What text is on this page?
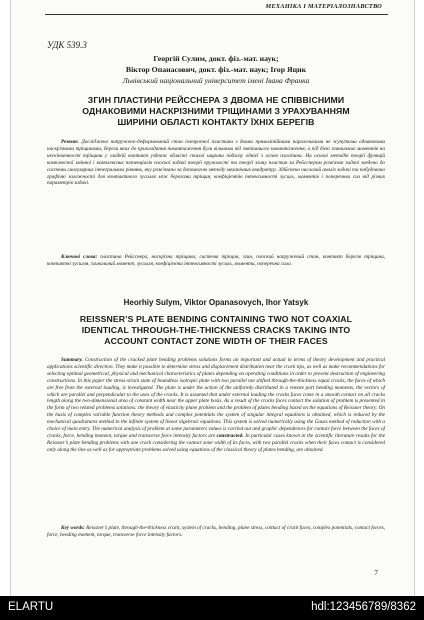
МЕХАНІКА І МАТЕРІАЛОЗНАВСТВО
УДК 539.3
Георгій Сулим, докт. фіз.-мат. наук;
Віктор Опанасович, докт. фіз.-мат. наук; Ігор Яцик
Львівський національний університет імені Івана Франка
ЗГИН ПЛАСТИНИ РЕЙССНЕРА З ДВОМА НЕ СПІВВІСНИМИ
ОДНАКОВИМИ НАСКРІЗНИМИ ТРІЩИНАМИ З УРАХУВАННЯМ
ШИРИНИ ОБЛАСТІ КОНТАКТУ ЇХНІХ БЕРЕГІВ
Резюме. Досліджено напружено-деформований стан ізотропної пластини з двома прямолінійними паралельними не зсунутими однаковими наскрізними тріщинами, береги яких до прикладання навантаження були вільними від зовнішнього навантаження, а під дією згинальних моментів на нескінченності тріщини у гладкій контакт уздовж області сталої ширини поблизу однієї з основ пластини. На основі методів теорії функцій комплексної змінної і комплексних потенціалів плоскої задачі теорії пружності та теорії згину пластин за Рейсснером розв'язок задачі зведено до системи сингулярних інтегральних рівнянь, яку розв'язано за допомогою методу механічних квадратур. Здійснено числовий аналіз задачі та побудовано графічні залежності для контактного зусилля між берегами тріщин, коефіцієнтів інтенсивності зусиль, моментів і поперечних сил від різних параметрів задачі.
Ключові слова: пластина Рейсснера, наскрізна тріщина, система тріщин, згин, плоский напружений стан, контакт берегів тріщини, контактні зусилля, згинальний момент, зусилля, коефіцієнти інтенсивності зусиль, моменти, поперечна сила.
Heorhiy Sulym, Viktor Opanasovych, Ihor Yatsyk
REISSNER’S PLATE BENDING CONTAINING TWO NOT COAXIAL
IDENTICAL THROUGH-THE-THICKNESS CRACKS TAKING INTO
ACCOUNT CONTACT ZONE WIDTH OF THEIR FACES
Summary. Construction of the cracked plate bending problems solutions forms an important and actual in terms of theory development and practical applications scientific direction. They make it possible to determine stress and displacement distribution near the crack tips, as well as make recommendations for selecting optimal geometrical, physical and mechanical characteristics of plates depending on operating conditions in order to prevent destruction of engineering constructions. In this paper the stress-strain state of boundless isotropic plate with two parallel not shifted through-the-thickness equal cracks, the faces of which are free from the external loading, is investigated. The plate is under the action of the uniformly distributed in a remote part bending moments, the vectors of which are parallel and perpendicular to the axes of the cracks. It is assumed that under external loading the cracks faces come in a smooth contact on all cracks length along the two-dimensional area of constant width near the upper plate basis. As a result of the cracks faces contact the solution of problem is presented in the form of two related problems solutions: the theory of elasticity plane problem and the problem of plates bending based on the equations of Reissner theory. On the basis of complex variable function theory methods and complex potentials the system of singular integral equations is obtained, which is reduced by the mechanical quadratures method to the infinite system of linear algebraic equations. This system is solved numerically using the Gauss method of reduction with a choice of main entry. The numerical analysis of problem at some parameters values is carried out and graphic dependences for contact force between the faces of cracks, force, bending moment, torque and transverse force intensity factors are constructed. In particular cases known in the scientific literature results for the Reissner’s plate bending problems with one crack considering the contact zone width of its faces, with two parallel cracks when their faces contact is considered only along the line as well as for appropriate problems solved using equations of the classical theory of plates bending, are obtained.
Key words: Reissner’s plate, through-the-thickness crack, system of cracks, bending, plane stress, contact of crack faces, complex potentials, contact forces, force, bending moment, torque, transverse force intensity factors.
7
ELARTU	hdl:123456789/8362
